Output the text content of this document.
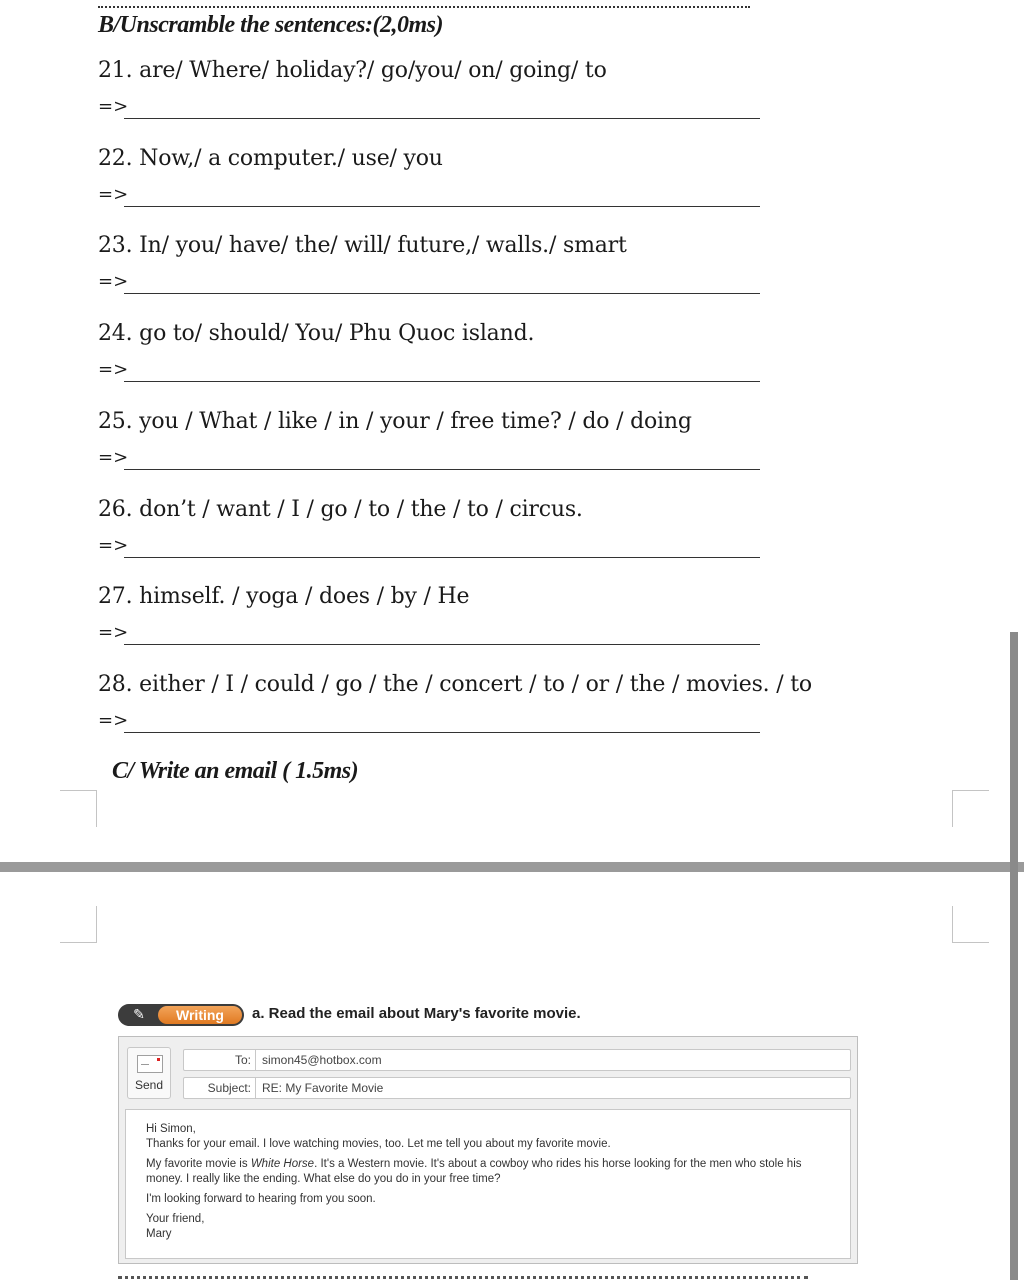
B/Unscramble the sentences:(2,0ms)
21. are/ Where/ holiday?/ go/you/ on/ going/ to
=>
22. Now,/ a computer./ use/ you
=>
23. In/ you/ have/ the/ will/ future,/ walls./ smart
=>
24. go to/ should/ You/ Phu Quoc island.
=>
25. you / What / like / in / your / free time? / do / doing
=>
26. don’t / want / I / go / to / the / to / circus.
=>
27. himself. / yoga / does / by / He
=>
28. either / I / could / go / the / concert / to / or / the / movies. / to
=>
C/ Write an email ( 1.5ms)
✎	Writing	a. Read the email about Mary's favorite movie.
Send
To: simon45@hotbox.com
Subject: RE: My Favorite Movie

Hi Simon,

Thanks for your email. I love watching movies, too. Let me tell you about my favorite movie.

My favorite movie is White Horse. It's a Western movie. It's about a cowboy who rides his horse looking for the men who stole his money. I really like the ending. What else do you do in your free time?

I'm looking forward to hearing from you soon.

Your friend,

Mary
